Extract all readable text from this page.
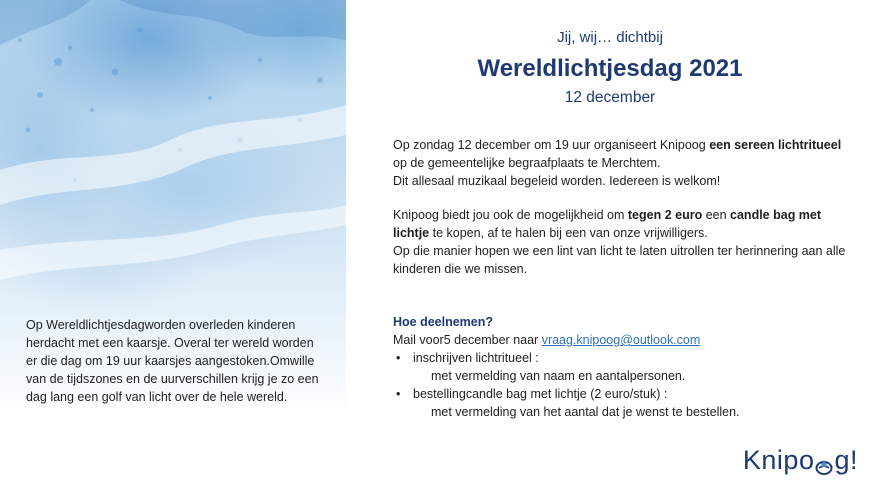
Op Wereldlichtjesdagworden overleden kinderen herdacht met een kaarsje. Overal ter wereld worden er die dag om 19 uur kaarsjes aangestoken.Omwille van de tijdszones en de uurverschillen krijg je zo een dag lang een golf van licht over de hele wereld.
Jij, wij… dichtbij
Wereldlichtjesdag 2021
12 december
Op zondag 12 december om 19 uur organiseert Knipoog een sereen lichtritueel op de gemeentelijke begraafplaats te Merchtem.
Dit allesaal muzikaal begeleid worden. Iedereen is welkom!
Knipoog biedt jou ook de mogelijkheid om tegen 2 euro een candle bag met lichtje te kopen, af te halen bij een van onze vrijwilligers.
Op die manier hopen we een lint van licht te laten uitrollen ter herinnering aan alle kinderen die we missen.
Hoe deelnemen?
Mail voor5 december naar vraag.knipoog@outlook.com
• inschrijven lichtritueel :
met vermelding van naam en aantalpersonen.
• bestellingcandle bag met lichtje (2 euro/stuk) :
met vermelding van het aantal dat je wenst te bestellen.
Knipo g!
